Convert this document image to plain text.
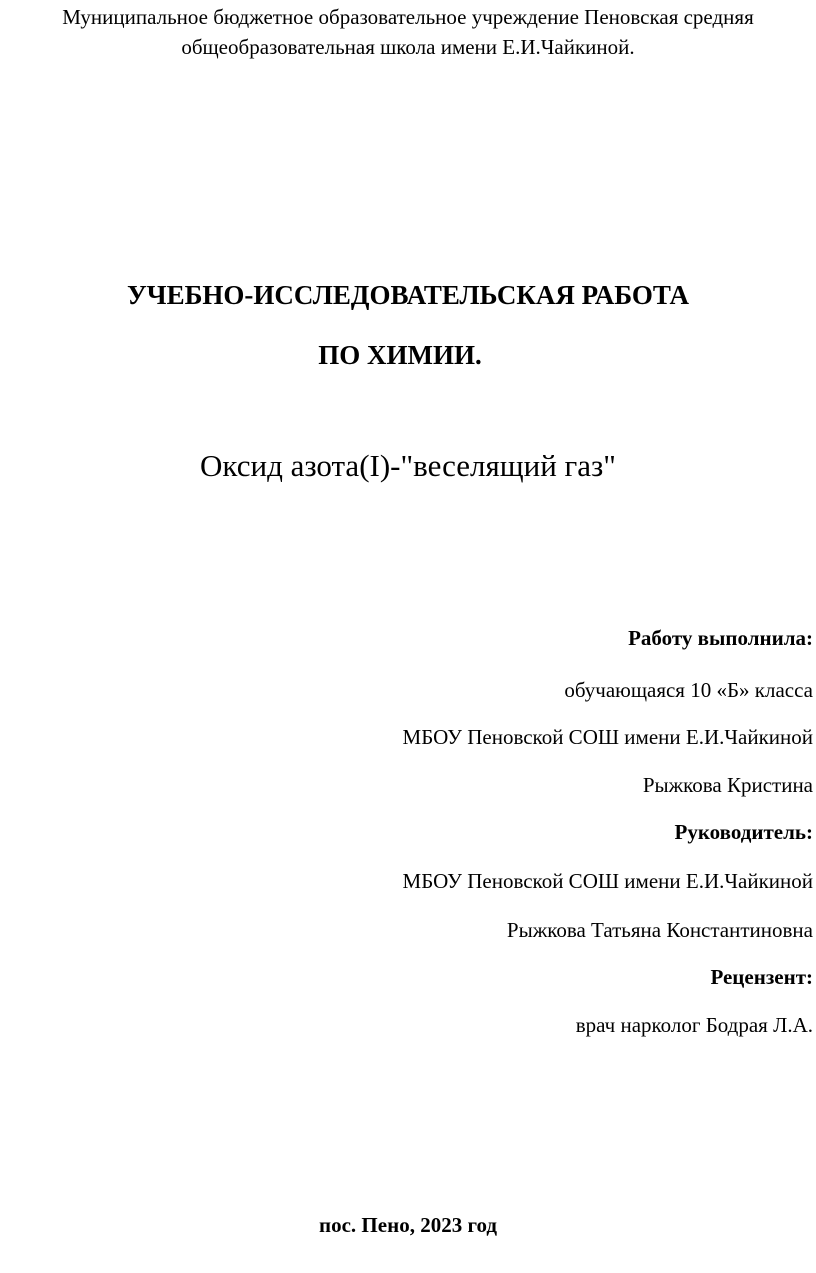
Муниципальное бюджетное образовательное учреждение Пеновская средняя
общеобразовательная школа имени Е.И.Чайкиной.
УЧЕБНО-ИССЛЕДОВАТЕЛЬСКАЯ РАБОТА
ПО ХИМИИ.
Оксид азота(I)-"веселящий газ"
Работу выполнила:
обучающаяся 10 «Б» класса
МБОУ Пеновской СОШ имени Е.И.Чайкиной
Рыжкова Кристина
Руководитель:
МБОУ Пеновской СОШ имени Е.И.Чайкиной
Рыжкова Татьяна Константиновна
Рецензент:
врач нарколог Бодрая Л.А.
пос. Пено, 2023 год
